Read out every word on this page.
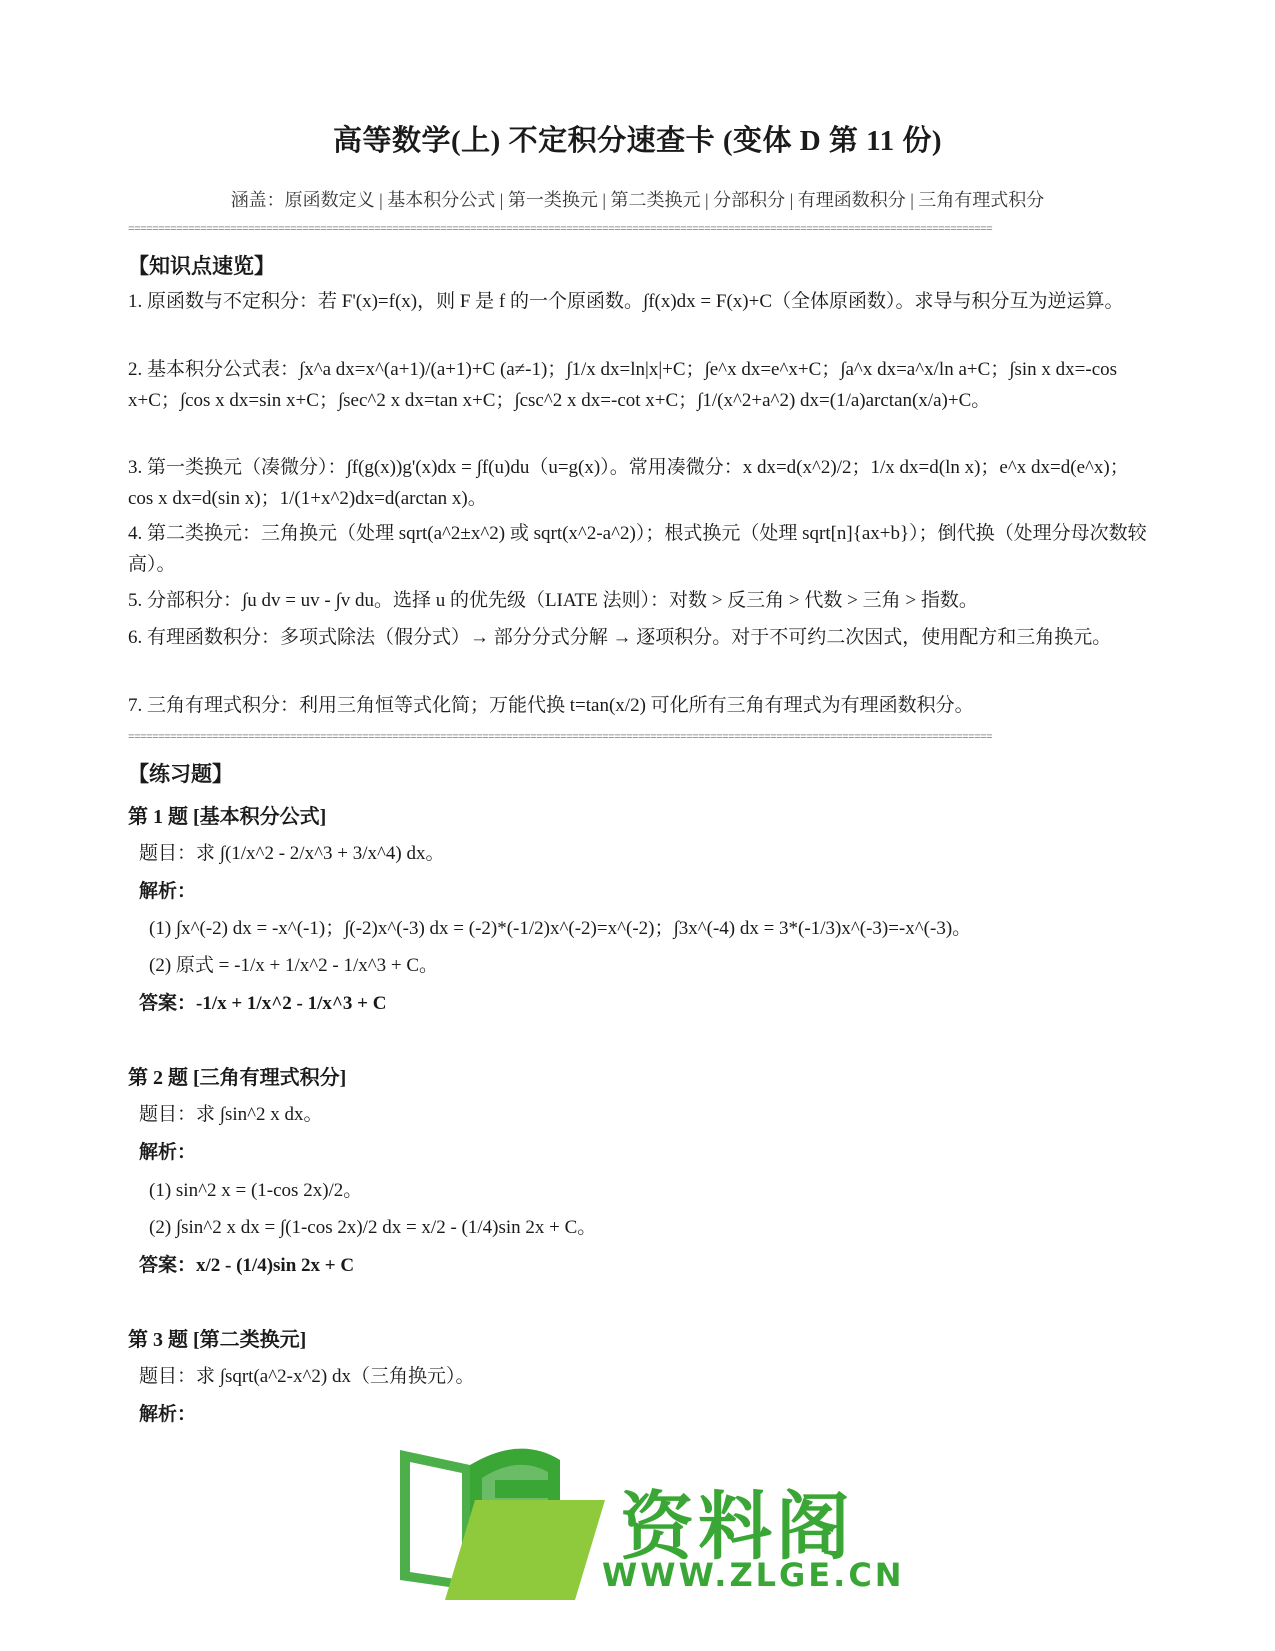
高等数学(上) 不定积分速查卡 (变体 D 第 11 份)
涵盖：原函数定义 | 基本积分公式 | 第一类换元 | 第二类换元 | 分部积分 | 有理函数积分 | 三角有理式积分
================================================================================================================================================
【知识点速览】
1. 原函数与不定积分：若 F'(x)=f(x)，则 F 是 f 的一个原函数。∫f(x)dx = F(x)+C（全体原函数）。求导与积分互为逆运算。
2. 基本积分公式表：∫x^a dx=x^(a+1)/(a+1)+C (a≠-1)；∫1/x dx=ln|x|+C；∫e^x dx=e^x+C；∫a^x dx=a^x/ln a+C；∫sin x dx=-cos x+C；∫cos x dx=sin x+C；∫sec^2 x dx=tan x+C；∫csc^2 x dx=-cot x+C；∫1/(x^2+a^2) dx=(1/a)arctan(x/a)+C。
3. 第一类换元（凑微分）：∫f(g(x))g'(x)dx = ∫f(u)du（u=g(x)）。常用凑微分：x dx=d(x^2)/2；1/x dx=d(ln x)；e^x dx=d(e^x)；cos x dx=d(sin x)；1/(1+x^2)dx=d(arctan x)。
4. 第二类换元：三角换元（处理 sqrt(a^2±x^2) 或 sqrt(x^2-a^2)）；根式换元（处理 sqrt[n]{ax+b}）；倒代换（处理分母次数较高）。
5. 分部积分：∫u dv = uv - ∫v du。选择 u 的优先级（LIATE 法则）：对数 > 反三角 > 代数 > 三角 > 指数。
6. 有理函数积分：多项式除法（假分式）→ 部分分式分解 → 逐项积分。对于不可约二次因式，使用配方和三角换元。
7. 三角有理式积分：利用三角恒等式化简；万能代换 t=tan(x/2) 可化所有三角有理式为有理函数积分。
================================================================================================================================================
【练习题】
第 1 题 [基本积分公式]
题目：求 ∫(1/x^2 - 2/x^3 + 3/x^4) dx。
解析：
(1) ∫x^(-2) dx = -x^(-1)；∫(-2)x^(-3) dx = (-2)*(-1/2)x^(-2)=x^(-2)；∫3x^(-4) dx = 3*(-1/3)x^(-3)=-x^(-3)。
(2) 原式 = -1/x + 1/x^2 - 1/x^3 + C。
答案：-1/x + 1/x^2 - 1/x^3 + C
第 2 题 [三角有理式积分]
题目：求 ∫sin^2 x dx。
解析：
(1) sin^2 x = (1-cos 2x)/2。
(2) ∫sin^2 x dx = ∫(1-cos 2x)/2 dx = x/2 - (1/4)sin 2x + C。
答案：x/2 - (1/4)sin 2x + C
第 3 题 [第二类换元]
题目：求 ∫sqrt(a^2-x^2) dx（三角换元）。
解析：
资料阁
WWW.ZLGE.CN
